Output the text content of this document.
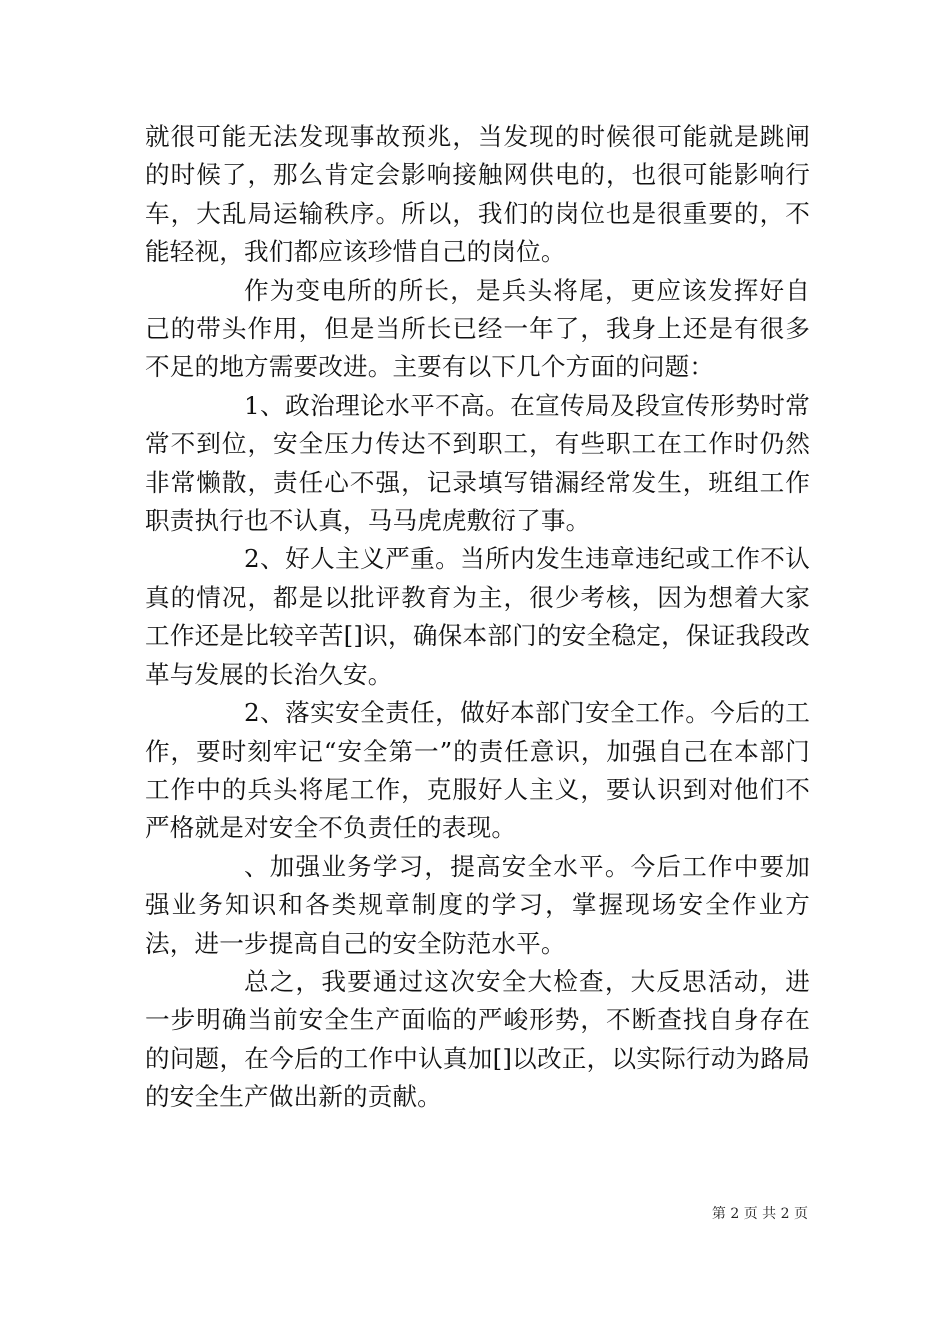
就很可能无法发现事故预兆，当发现的时候很可能就是跳闸的时候了，那么肯定会影响接触网供电的，也很可能影响行车，大乱局运输秩序。所以，我们的岗位也是很重要的，不能轻视，我们都应该珍惜自己的岗位。

作为变电所的所长，是兵头将尾，更应该发挥好自己的带头作用，但是当所长已经一年了，我身上还是有很多不足的地方需要改进。主要有以下几个方面的问题：

1、政治理论水平不高。在宣传局及段宣传形势时常常不到位，安全压力传达不到职工，有些职工在工作时仍然非常懒散，责任心不强，记录填写错漏经常发生，班组工作职责执行也不认真，马马虎虎敷衍了事。

2、好人主义严重。当所内发生违章违纪或工作不认真的情况，都是以批评教育为主，很少考核，因为想着大家工作还是比较辛苦[]识，确保本部门的安全稳定，保证我段改革与发展的长治久安。

2、落实安全责任，做好本部门安全工作。今后的工作，要时刻牢记“安全第一”的责任意识，加强自己在本部门工作中的兵头将尾工作，克服好人主义，要认识到对他们不严格就是对安全不负责任的表现。

、加强业务学习，提高安全水平。今后工作中要加强业务知识和各类规章制度的学习，掌握现场安全作业方法，进一步提高自己的安全防范水平。

总之，我要通过这次安全大检查，大反思活动，进一步明确当前安全生产面临的严峻形势，不断查找自身存在的问题，在今后的工作中认真加[]以改正，以实际行动为路局的安全生产做出新的贡献。

第 2 页 共 2 页
